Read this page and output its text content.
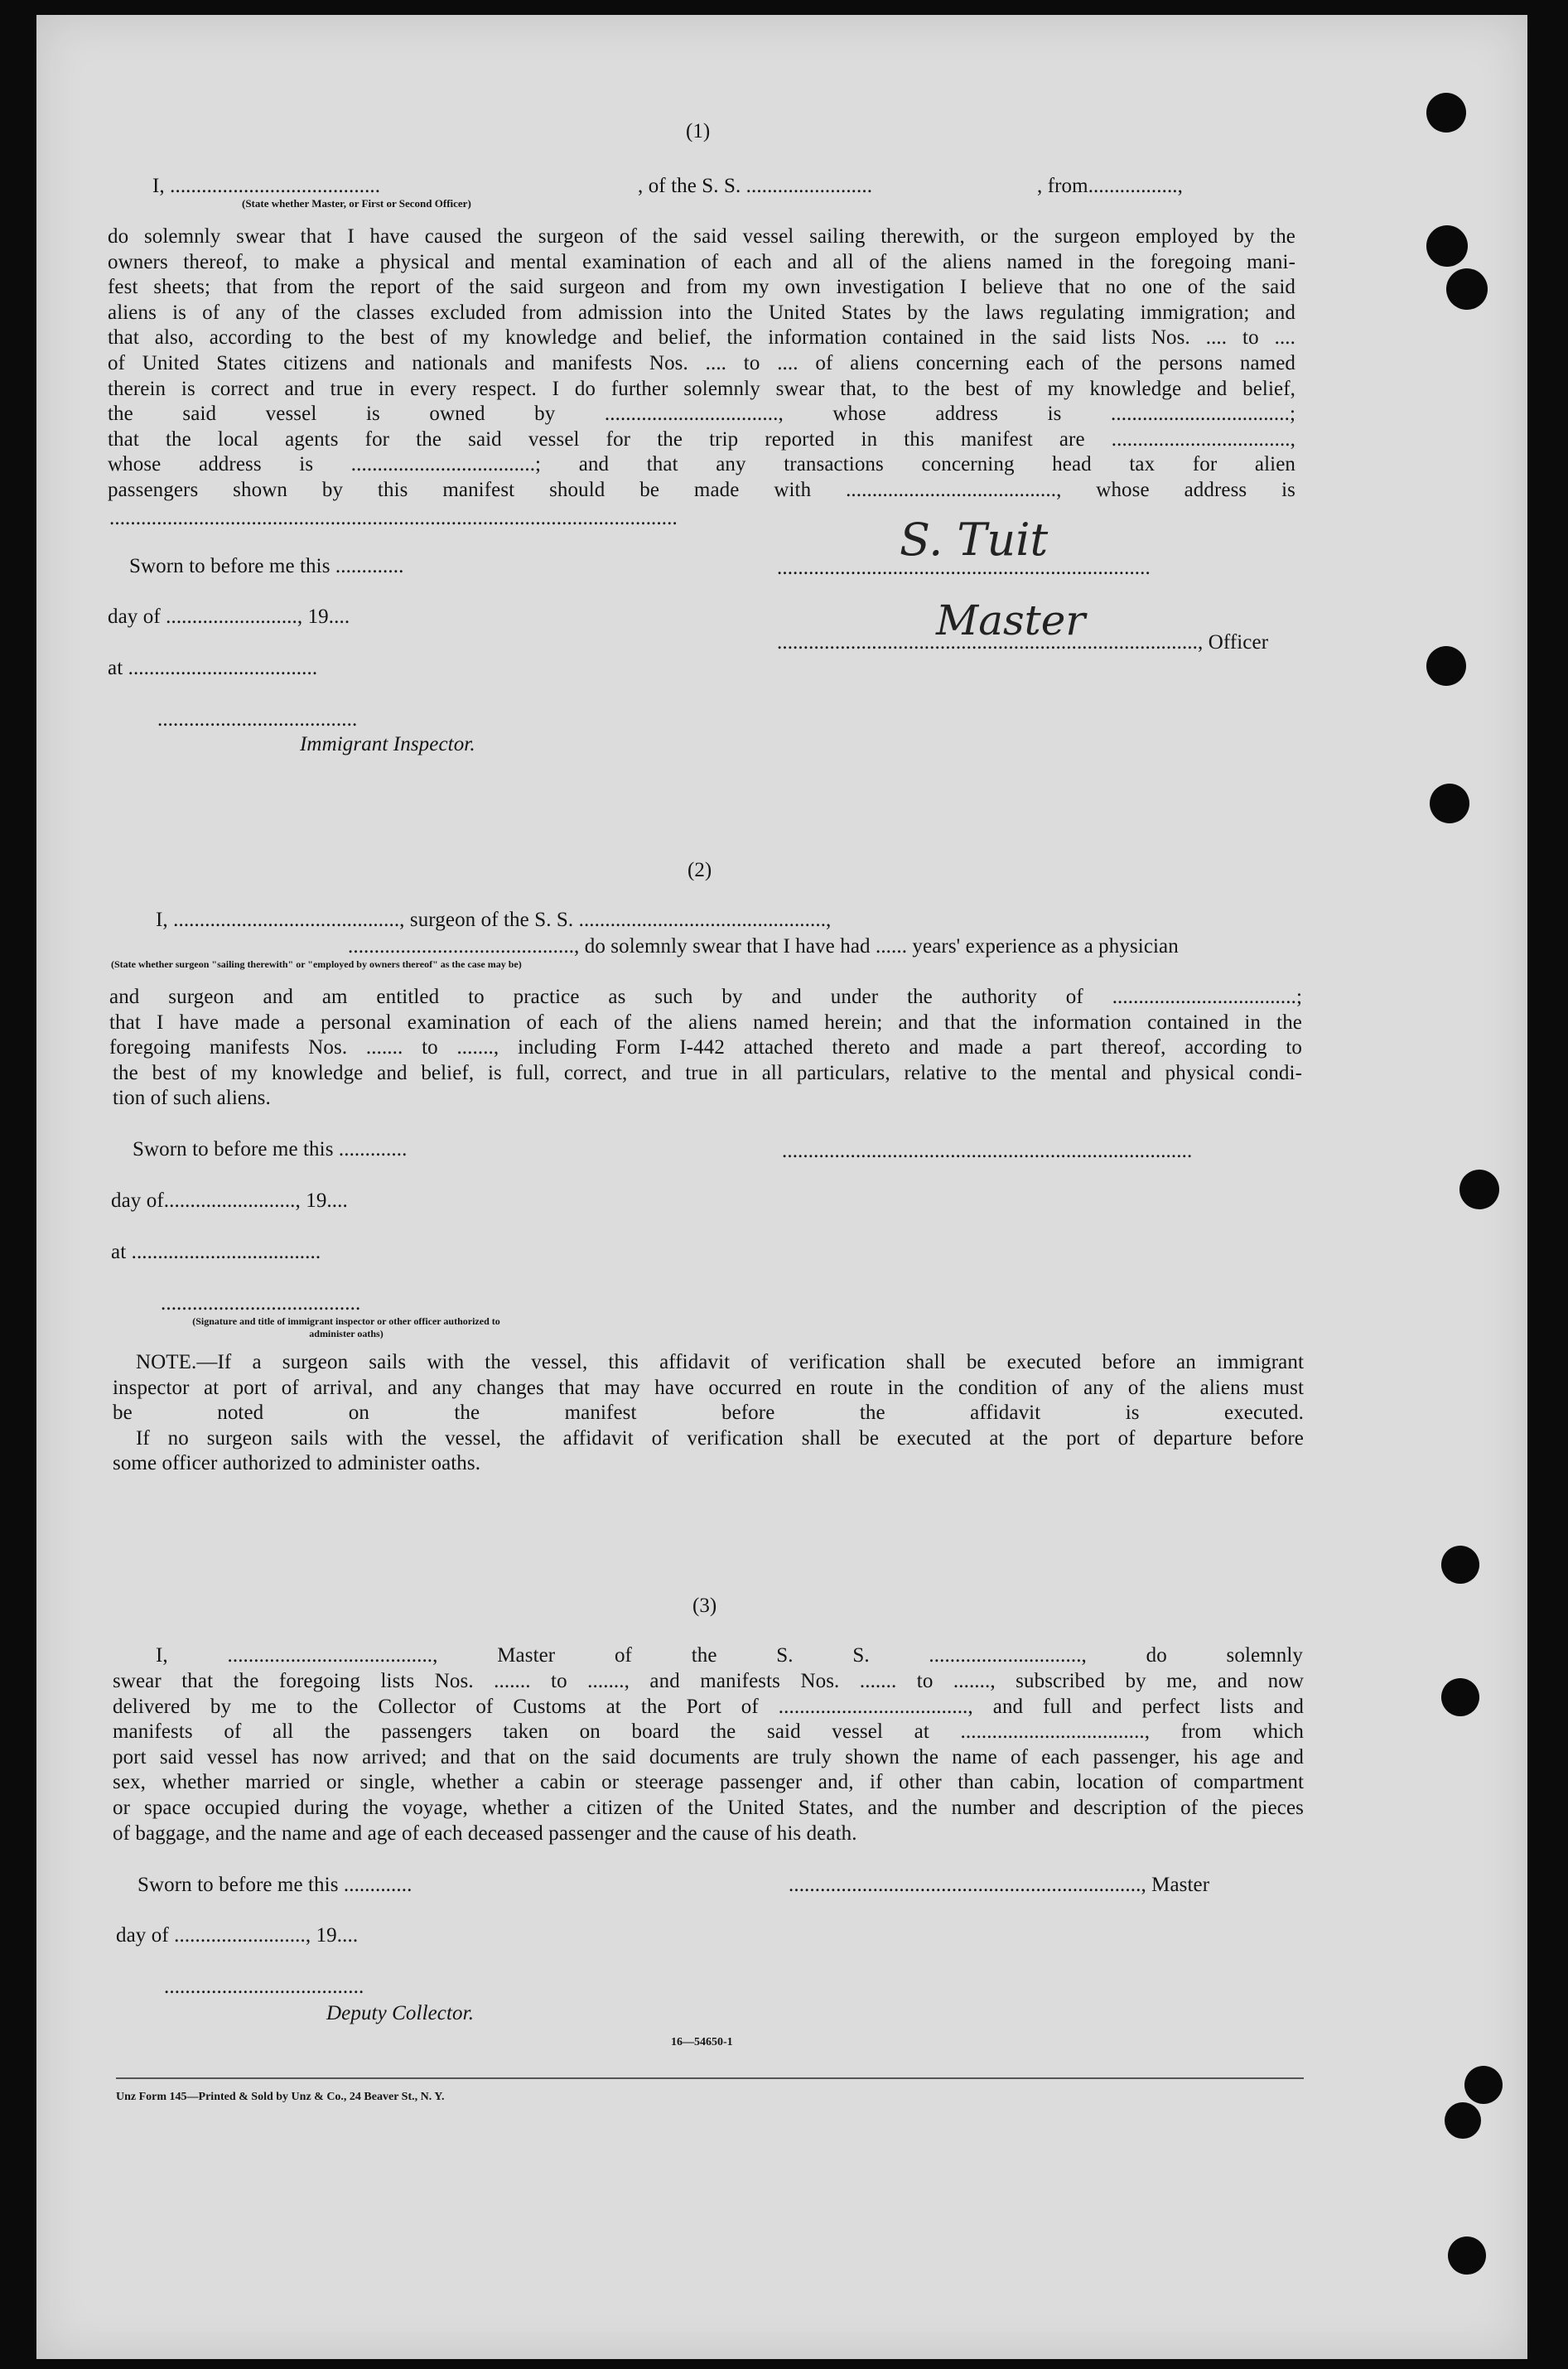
(1)
I, ........................................	, of the S. S. ........................	, from.................,
(State whether Master, or First or Second Officer)
do solemnly swear that I have caused the surgeon of the said vessel sailing therewith, or the surgeon employed by the
owners thereof, to make a physical and mental examination of each and all of the aliens named in the foregoing mani-
fest sheets; that from the report of the said surgeon and from my own investigation I believe that no one of the said
aliens is of any of the classes excluded from admission into the United States by the laws regulating immigration; and
that also, according to the best of my knowledge and belief, the information contained in the said lists Nos. .... to ....
of United States citizens and nationals and manifests Nos. .... to .... of aliens concerning each of the persons named
therein is correct and true in every respect. I do further solemnly swear that, to the best of my knowledge and belief,
the said vessel is owned by ................................., whose address is ..................................;
that the local agents for the said vessel for the trip reported in this manifest are ..................................,
whose address is ...................................; and that any transactions concerning head tax for alien
passengers shown by this manifest should be made with ........................................, whose address is
............................................................................................................
Sworn to before me this .............
day of ........................., 19....
at ....................................
......................................
Immigrant Inspector.
.......................................................................
................................................................................, Officer
S. Tuit
Master
(2)
I, ..........................................., surgeon of the S. S. ...............................................,
..........................................., do solemnly swear that I have had ...... years' experience as a physician
(State whether surgeon "sailing therewith" or "employed by owners thereof" as the case may be)
and surgeon and am entitled to practice as such by and under the authority of ...................................;
that I have made a personal examination of each of the aliens named herein; and that the information contained in the
foregoing manifests Nos. ....... to ......., including Form I-442 attached thereto and made a part thereof, according to
the best of my knowledge and belief, is full, correct, and true in all particulars, relative to the mental and physical condi-
tion of such aliens.
Sworn to before me this .............
day of........................., 19....
at ....................................
..............................................................................
......................................
(Signature and title of immigrant inspector or other officer authorized to administer oaths)
NOTE.—If a surgeon sails with the vessel, this affidavit of verification shall be executed before an immigrant
inspector at port of arrival, and any changes that may have occurred en route in the condition of any of the aliens must
be noted on the manifest before the affidavit is executed.
If no surgeon sails with the vessel, the affidavit of verification shall be executed at the port of departure before
some officer authorized to administer oaths.
(3)
I, ......................................., Master of the S. S. ............................., do solemnly
swear that the foregoing lists Nos. ....... to ......., and manifests Nos. ....... to ......., subscribed by me, and now
delivered by me to the Collector of Customs at the Port of ...................................., and full and perfect lists and
manifests of all the passengers taken on board the said vessel at ..................................., from which
port said vessel has now arrived; and that on the said documents are truly shown the name of each passenger, his age and
sex, whether married or single, whether a cabin or steerage passenger and, if other than cabin, location of compartment
or space occupied during the voyage, whether a citizen of the United States, and the number and description of the pieces
of baggage, and the name and age of each deceased passenger and the cause of his death.
Sworn to before me this .............
day of ........................., 19....
......................................
Deputy Collector.
..................................................................., Master
16—54650-1
Unz Form 145—Printed & Sold by Unz & Co., 24 Beaver St., N. Y.
